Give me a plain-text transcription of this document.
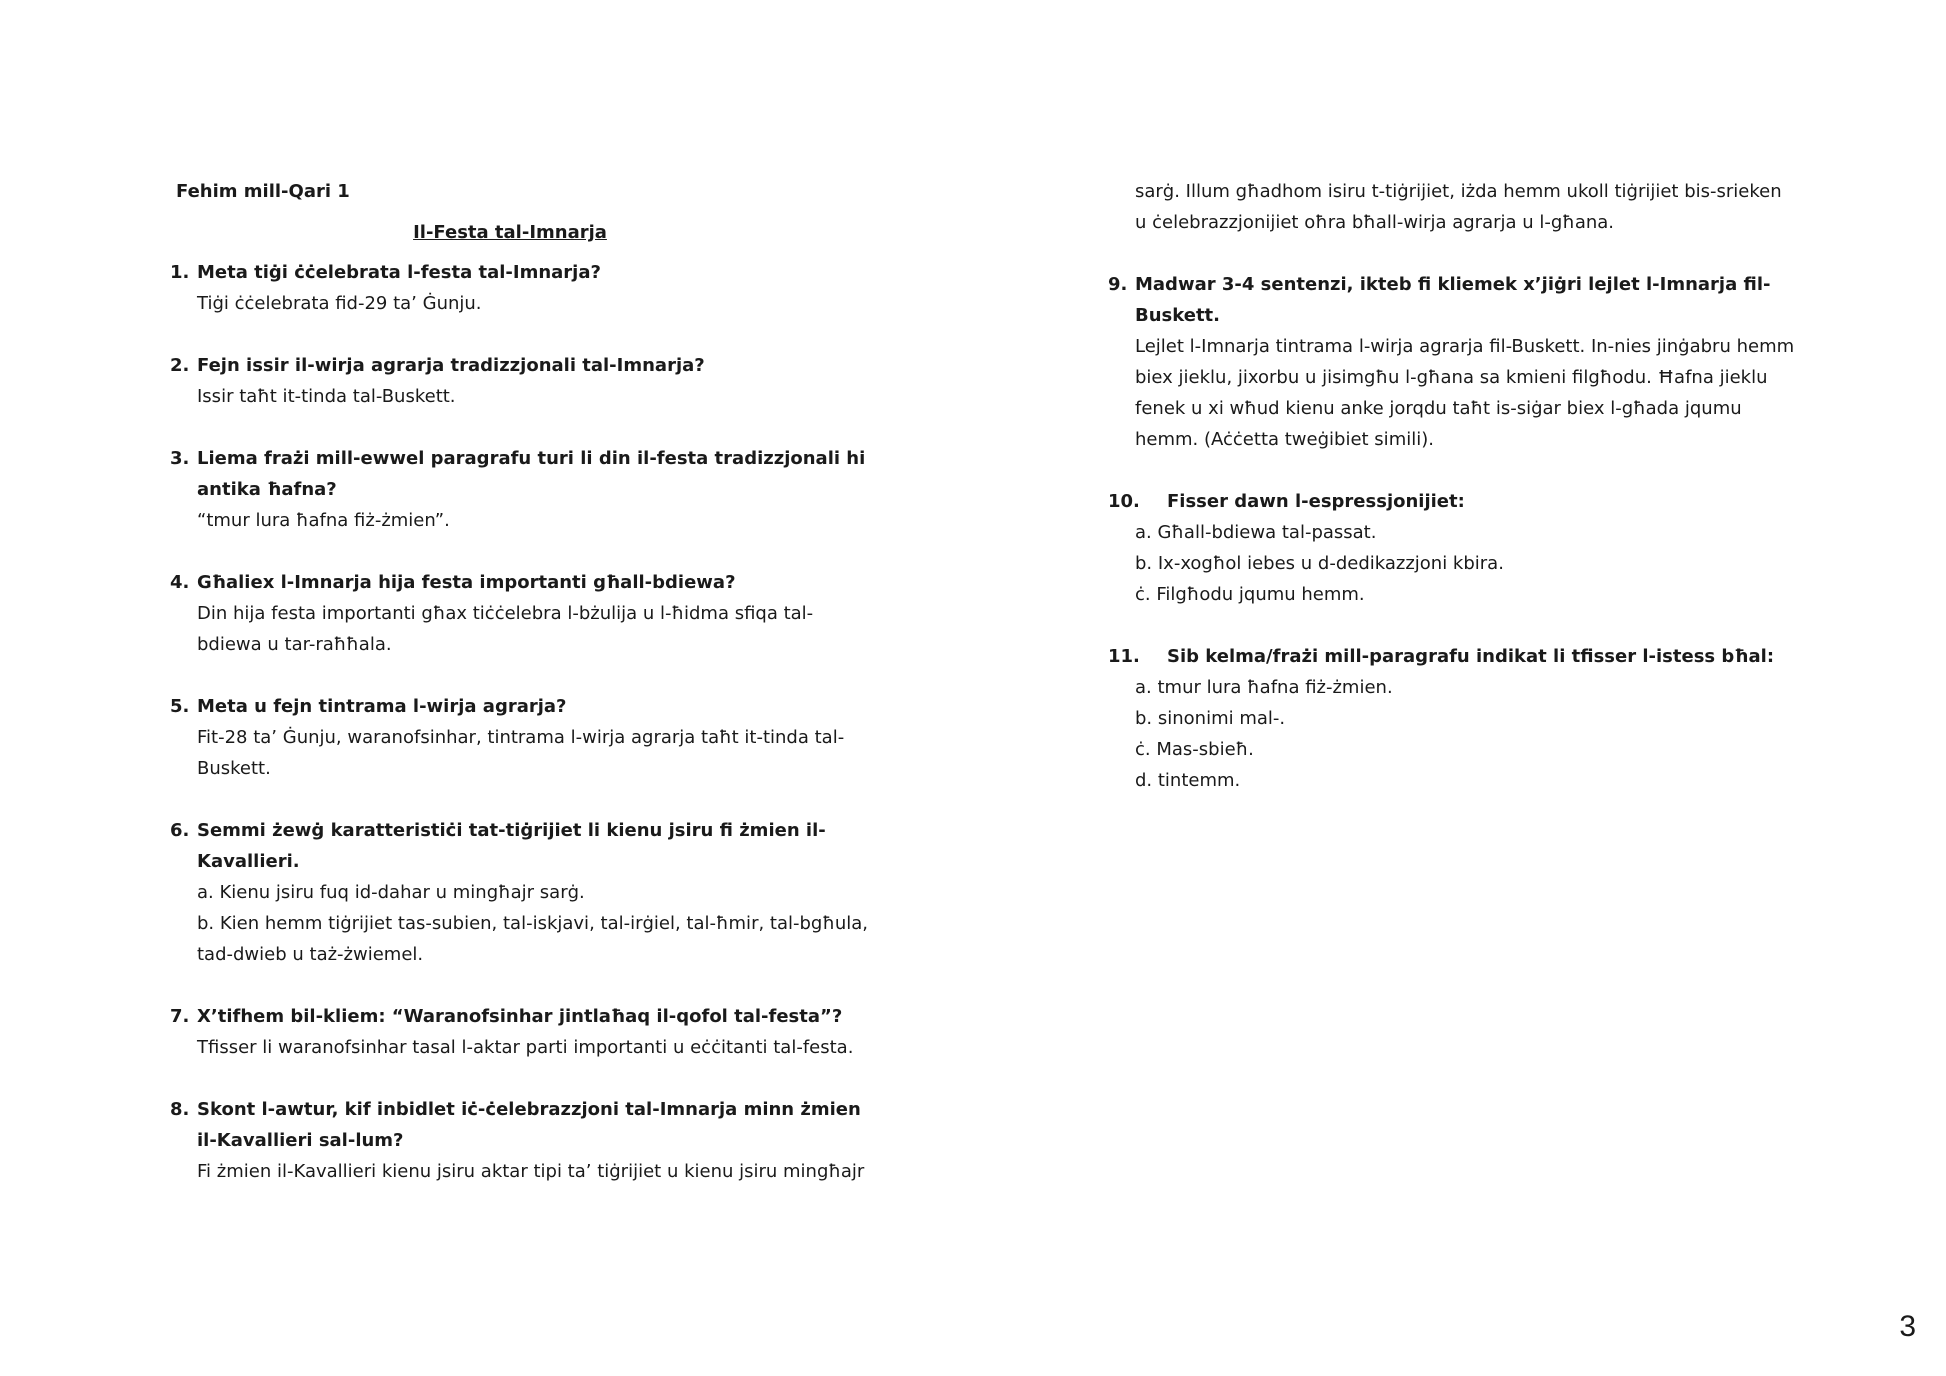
Fehim mill-Qari 1
Il-Festa tal-Imnarja
1. Meta tiġi ċċelebrata l-festa tal-Imnarja?
Tiġi ċċelebrata fid-29 ta’ Ġunju.
2. Fejn issir il-wirja agrarja tradizzjonali tal-Imnarja?
Issir taħt it-tinda tal-Buskett.
3. Liema frażi mill-ewwel paragrafu turi li din il-festa tradizzjonali hi antika ħafna?
“tmur lura ħafna fiż-żmien”.
4. Għaliex l-Imnarja hija festa importanti għall-bdiewa?
Din hija festa importanti għax tiċċelebra l-bżulija u l-ħidma sfiqa tal-bdiewa u tar-raħħala.
5. Meta u fejn tintrama l-wirja agrarja?
Fit-28 ta’ Ġunju, waranofsinhar, tintrama l-wirja agrarja taħt it-tinda tal-Buskett.
6. Semmi żewġ karatteristiċi tat-tiġrijiet li kienu jsiru fi żmien il-Kavallieri.
a. Kienu jsiru fuq id-dahar u mingħajr sarġ.
b. Kien hemm tiġrijiet tas-subien, tal-iskjavi, tal-irġiel, tal-ħmir, tal-bgħula, tad-dwieb u taż-żwiemel.
7. X’tifhem bil-kliem: “Waranofsinhar jintlaħaq il-qofol tal-festa”?
Tfisser li waranofsinhar tasal l-aktar parti importanti u eċċitanti tal-festa.
8. Skont l-awtur, kif inbidlet iċ-ċelebrazzjoni tal-Imnarja minn żmien il-Kavallieri sal-lum?
Fi żmien il-Kavallieri kienu jsiru aktar tipi ta’ tiġrijiet u kienu jsiru mingħajr
sarġ. Illum għadhom isiru t-tiġrijiet, iżda hemm ukoll tiġrijiet bis-srieken u ċelebrazzjonijiet oħra bħall-wirja agrarja u l-għana.
9. Madwar 3-4 sentenzi, ikteb fi kliemek x’jiġri lejlet l-Imnarja fil-Buskett.
Lejlet l-Imnarja tintrama l-wirja agrarja fil-Buskett. In-nies jinġabru hemm biex jieklu, jixorbu u jisimgħu l-għana sa kmieni filgħodu. Ħafna jieklu fenek u xi wħud kienu anke jorqdu taħt is-siġar biex l-għada jqumu hemm. (Aċċetta tweġibiet simili).
10.	Fisser dawn l-espressjonijiet:
a. Għall-bdiewa tal-passat.
b. Ix-xogħol iebes u d-dedikazzjoni kbira.
ċ. Filgħodu jqumu hemm.
11.	Sib kelma/frażi mill-paragrafu indikat li tfisser l-istess bħal:
a. tmur lura ħafna fiż-żmien.
b. sinonimi mal-.
ċ. Mas-sbieħ.
d. tintemm.
3
